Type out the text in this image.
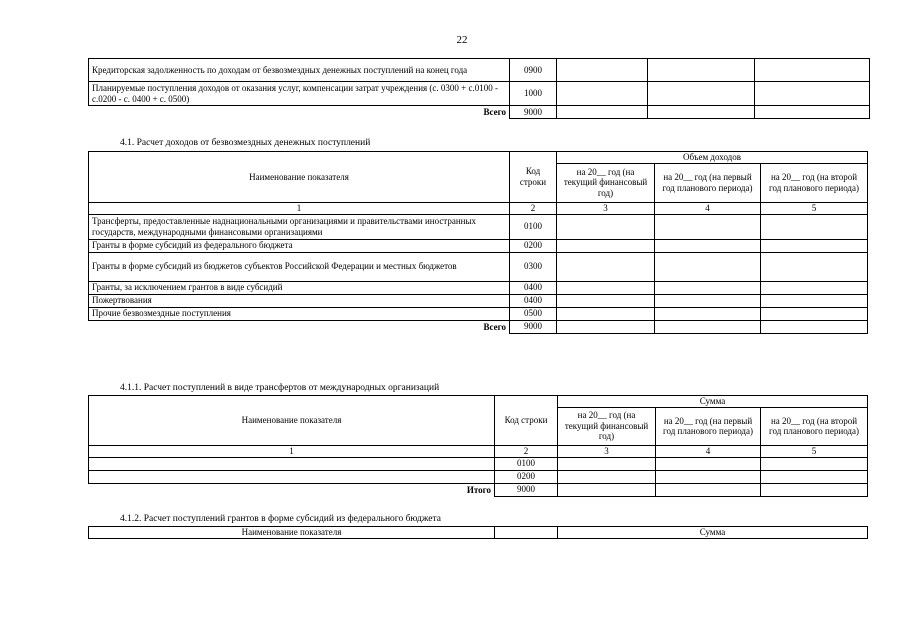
22
Кредиторская задолженность по доходам от безвозмездных денежных поступлений на конец года	0900			
Планируемые поступления доходов от оказания услуг, компенсации затрат учреждения (с. 0300 + с.0100 - с.0200 - с. 0400 + с. 0500)	1000			
Всего	9000			
4.1. Расчет доходов от безвозмездных денежных поступлений
Наименование показателя	Код строки	Объем доходов		
		на 20__ год (на текущий финансовый год)	на 20__ год (на первый год планового периода)	на 20__ год (на второй год планового периода)
1	2	3	4	5
Трансферты, предоставленные наднациональными организациями и правительствами иностранных государств, международными финансовыми организациями	0100			
Гранты в форме субсидий из федерального бюджета	0200			
Гранты в форме субсидий из бюджетов субъектов Российской Федерации и местных бюджетов	0300			
Гранты, за исключением грантов в виде субсидий	0400			
Пожертвования	0400			
Прочие безвозмездные поступления	0500			
Всего	9000			
4.1.1. Расчет поступлений в виде трансфертов от международных организаций
Наименование показателя	Код строки	Сумма		
		на 20__ год (на текущий финансовый год)	на 20__ год (на первый год планового периода)	на 20__ год (на второй год планового периода)
1	2	3	4	5
	0100			
	0200			
Итого	9000			
4.1.2. Расчет поступлений грантов в форме субсидий из федерального бюджета
Наименование показателя		Сумма
